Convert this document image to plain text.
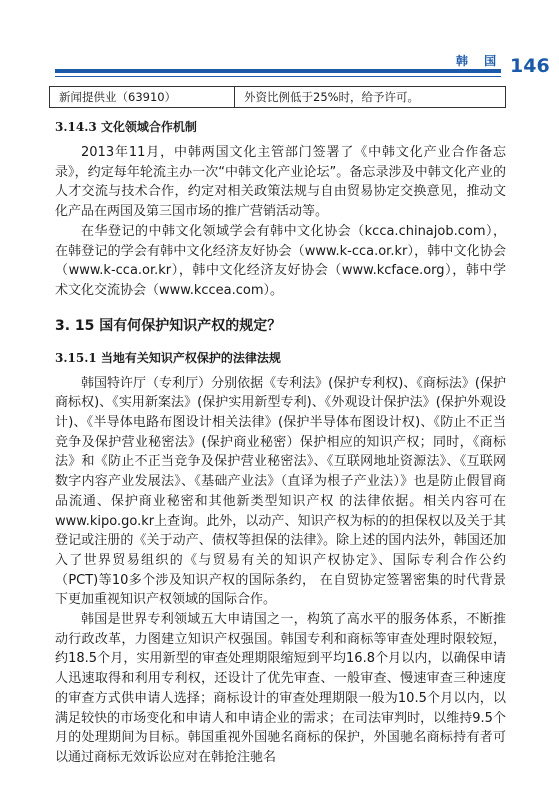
韩 国 146
新闻提供业（63910）	外资比例低于25%时，给予许可。
3.14.3 文化领域合作机制

2013年11月，中韩两国文化主管部门签署了《中韩文化产业合作备忘录》，约定每年轮流主办一次“中韩文化产业论坛”。备忘录涉及中韩文化产业的人才交流与技术合作，约定对相关政策法规与自由贸易协定交换意见，推动文化产品在两国及第三国市场的推广营销活动等。

在华登记的中韩文化领域学会有韩中文化协会（kcca.chinajob.com），在韩登记的学会有韩中文化经济友好协会（www.k-cca.or.kr），韩中文化协会（www.k-cca.or.kr），韩中文化经济友好协会（www.kcface.org），韩中学术文化交流协会（www.kccea.com）。

3. 15 国有何保护知识产权的规定？
3.15.1 当地有关知识产权保护的法律法规

韩国特许厅（专利厅）分别依据《专利法》(保护专利权)、《商标法》(保护商标权)、《实用新案法》(保护实用新型专利)、《外观设计保护法》(保护外观设计)、《半导体电路布图设计相关法律》(保护半导体布图设计权)、《防止不正当竞争及保护营业秘密法》(保护商业秘密）保护相应的知识产权；同时，《商标法》和《防止不正当竞争及保护营业秘密法》、《互联网地址资源法》、《互联网数字内容产业发展法》、《基础产业法》（直译为根子产业法）》也是防止假冒商品流通、保护商业秘密和其他新类型知识产权 的法律依据。相关内容可在www.kipo.go.kr上查询。此外，以动产、知识产权为标的的担保权以及关于其登记或注册的《关于动产、债权等担保的法律》。除上述的国内法外，韩国还加入了世界贸易组织的《与贸易有关的知识产权协定》、国际专利合作公约（PCT)等10多个涉及知识产权的国际条约， 在自贸协定签署密集的时代背景下更加重视知识产权领域的国际合作。

韩国是世界专利领域五大申请国之一，构筑了高水平的服务体系，不断推动行政改革，力图建立知识产权强国。韩国专利和商标等审查处理时限较短， 约18.5个月，实用新型的审查处理期限缩短到平均16.8个月以内，以确保申请人迅速取得和利用专利权，还设计了优先审查、一般审查、慢速审查三种速度的审查方式供申请人选择；商标设计的审查处理期限一般为10.5个月以内，以满足较快的市场变化和申请人和申请企业的需求；在司法审判时，以维持9.5个月的处理期间为目标。韩国重视外国驰名商标的保护，外国驰名商标持有者可以通过商标无效诉讼应对在韩抢注驰名
